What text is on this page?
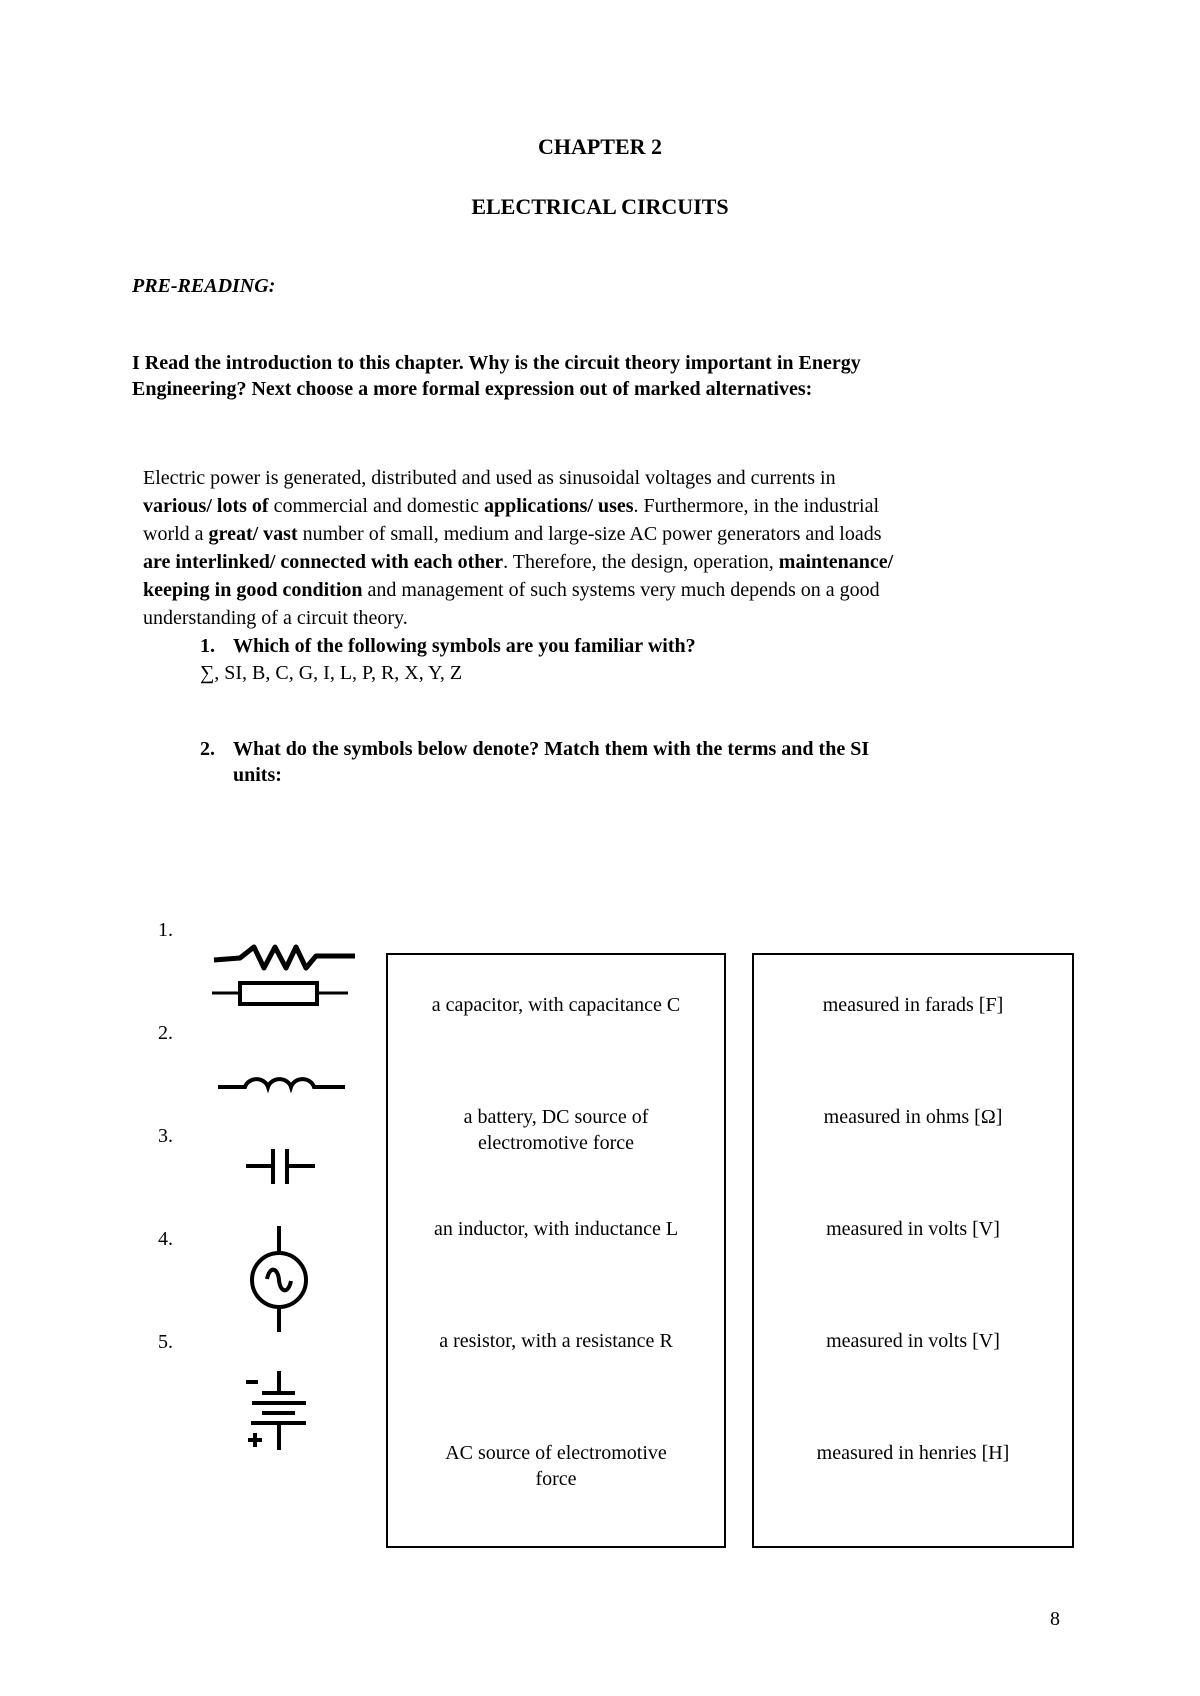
CHAPTER 2
ELECTRICAL CIRCUITS
PRE-READING:
I Read the introduction to this chapter. Why is the circuit theory important in Energy
Engineering? Next choose a more formal expression out of marked alternatives:
Electric power is generated, distributed and used as sinusoidal voltages and currents in
various/ lots of commercial and domestic applications/ uses. Furthermore, in the industrial
world a great/ vast number of small, medium and large-size AC power generators and loads
are interlinked/ connected with each other. Therefore, the design, operation, maintenance/
keeping in good condition and management of such systems very much depends on a good
understanding of a circuit theory.
1. Which of the following symbols are you familiar with?
∑, SI, B, C, G, I, L, P, R, X, Y, Z
2. What do the symbols below denote? Match them with the terms and the SI
units:
1.
2.
3.
4.
5.
a capacitor, with capacitance C
a battery, DC source of
electromotive force
an inductor, with inductance L
a resistor, with a resistance R
AC source of electromotive
force
measured in farads [F]
measured in ohms [Ω]
measured in volts [V]
measured in volts [V]
measured in henries [H]
8
